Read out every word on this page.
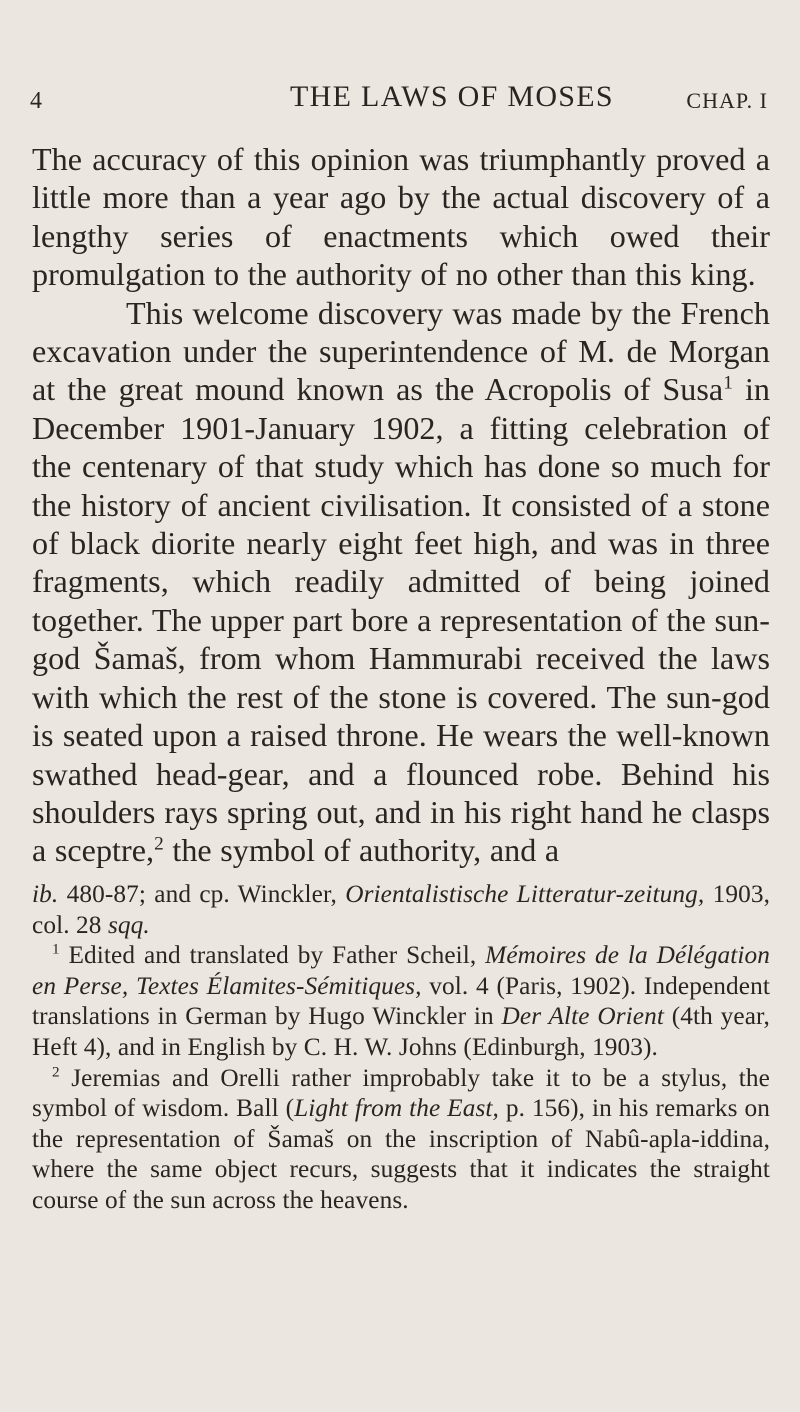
4	THE LAWS OF MOSES	CHAP. I

The accuracy of this opinion was triumphantly proved a little more than a year ago by the actual discovery of a lengthy series of enactments which owed their promulgation to the authority of no other than this king.

This welcome discovery was made by the French excavation under the superintendence of M. de Morgan at the great mound known as the Acropolis of Susa$^1$ in December 1901-January 1902, a fitting celebration of the centenary of that study which has done so much for the history of ancient civilisation. It consisted of a stone of black diorite nearly eight feet high, and was in three fragments, which readily admitted of being joined together. The upper part bore a representation of the sun-god Šamaš, from whom Hammurabi received the laws with which the rest of the stone is covered. The sun-god is seated upon a raised throne. He wears the well-known swathed head-gear, and a flounced robe. Behind his shoulders rays spring out, and in his right hand he clasps a sceptre,$^2$ the symbol of authority, and a

ib. 480-87; and cp. Winckler, Orientalistische Litteratur-zeitung, 1903, col. 28 sqq.

$^1$ Edited and translated by Father Scheil, Mémoires de la Délégation en Perse, Textes Élamites-Sémitiques, vol. 4 (Paris, 1902). Independent translations in German by Hugo Winckler in Der Alte Orient (4th year, Heft 4), and in English by C. H. W. Johns (Edinburgh, 1903).

$^2$ Jeremias and Orelli rather improbably take it to be a stylus, the symbol of wisdom. Ball (Light from the East, p. 156), in his remarks on the representation of Šamaš on the inscription of Nabû-apla-iddina, where the same object recurs, suggests that it indicates the straight course of the sun across the heavens.
